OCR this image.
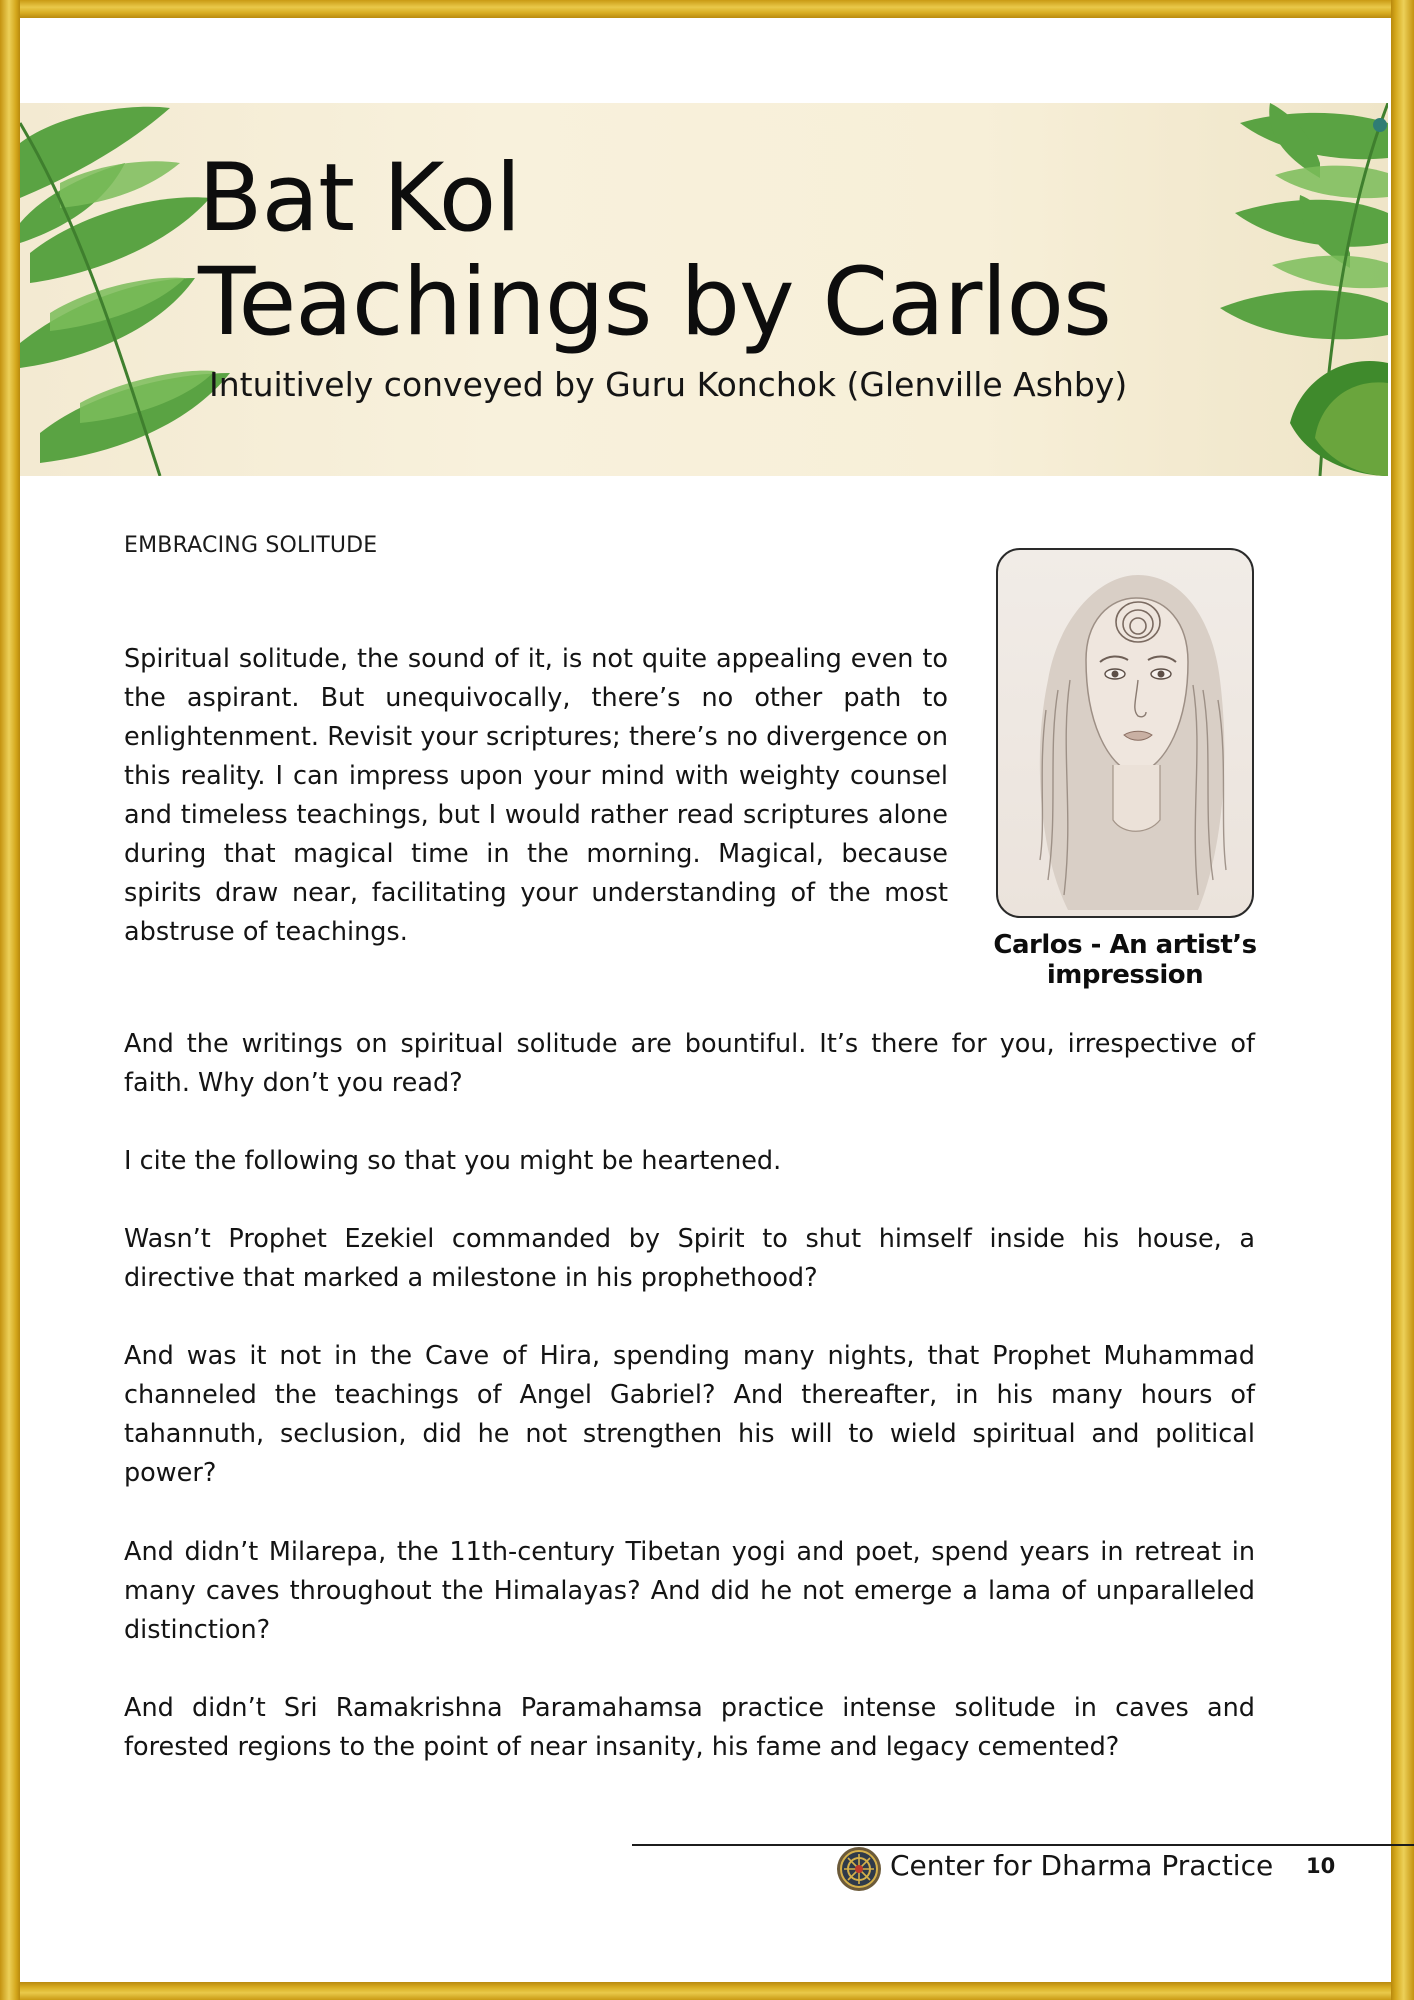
Bat Kol
Teachings by Carlos

Intuitively conveyed by Guru Konchok (Glenville Ashby)

EMBRACING SOLITUDE

Spiritual solitude, the sound of it, is not quite appealing even to the aspirant. But unequivocally, there’s no other path to enlightenment. Revisit your scriptures; there’s no divergence on this reality. I can impress upon your mind with weighty counsel and timeless teachings, but I would rather read scriptures alone during that magical time in the morning. Magical, because spirits draw near, facilitating your understanding of the most abstruse of teachings.	Carlos - An artist’s impression

And the writings on spiritual solitude are bountiful. It’s there for you, irrespective of faith. Why don’t you read?

I cite the following so that you might be heartened.

Wasn’t Prophet Ezekiel commanded by Spirit to shut himself inside his house, a directive that marked a milestone in his prophethood?

And was it not in the Cave of Hira, spending many nights, that Prophet Muhammad channeled the teachings of Angel Gabriel? And thereafter, in his many hours of tahannuth, seclusion, did he not strengthen his will to wield spiritual and political power?

And didn’t Milarepa, the 11th-century Tibetan yogi and poet, spend years in retreat in many caves throughout the Himalayas? And did he not emerge a lama of unparalleled distinction?

And didn’t Sri Ramakrishna Paramahamsa practice intense solitude in caves and forested regions to the point of near insanity, his fame and legacy cemented?

Center for Dharma Practice 10
